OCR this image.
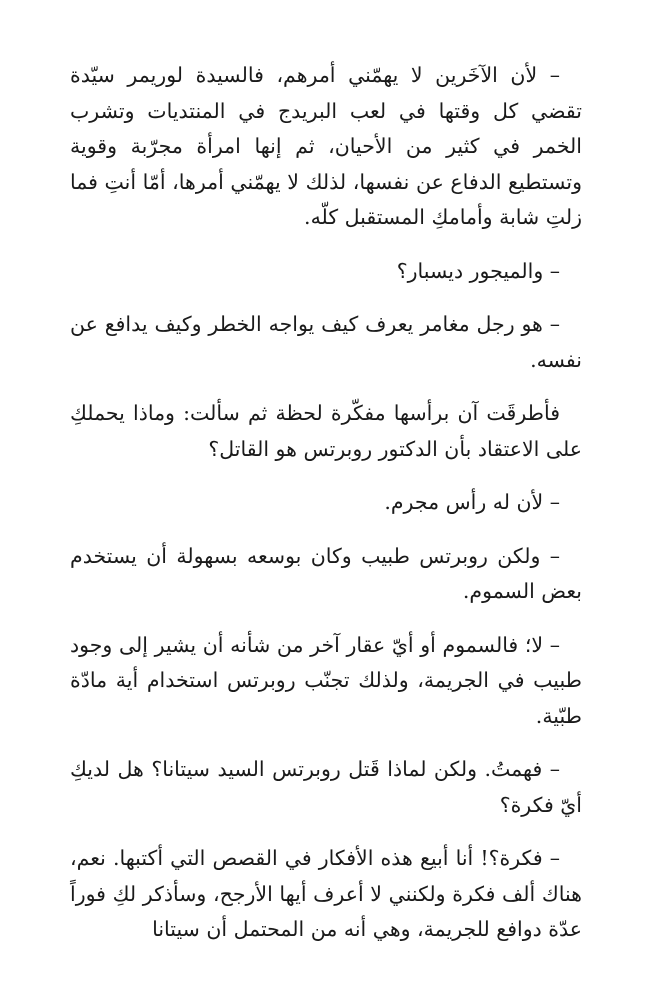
– لأن الآخَرين لا يهمّني أمرهم، فالسيدة لوريمر سيّدة تقضي كل وقتها في لعب البريدج في المنتديات وتشرب الخمر في كثير من الأحيان، ثم إنها امرأة مجرّبة وقوية وتستطيع الدفاع عن نفسها، لذلك لا يهمّني أمرها، أمّا أنتِ فما زلتِ شابة وأمامكِ المستقبل كلّه.

– والميجور ديسبار؟

– هو رجل مغامر يعرف كيف يواجه الخطر وكيف يدافع عن نفسه.

فأطرقَت آن برأسها مفكّرة لحظة ثم سألت: وماذا يحملكِ على الاعتقاد بأن الدكتور روبرتس هو القاتل؟

– لأن له رأس مجرم.

– ولكن روبرتس طبيب وكان بوسعه بسهولة أن يستخدم بعض السموم.

– لا؛ فالسموم أو أيّ عقار آخر من شأنه أن يشير إلى وجود طبيب في الجريمة، ولذلك تجنّب روبرتس استخدام أية مادّة طبّية.

– فهمتُ. ولكن لماذا قَتل روبرتس السيد سيتانا؟ هل لديكِ أيّ فكرة؟

– فكرة؟! أنا أبيع هذه الأفكار في القصص التي أكتبها. نعم، هناك ألف فكرة ولكنني لا أعرف أيها الأرجح، وسأذكر لكِ فوراً عدّة دوافع للجريمة، وهي أنه من المحتمل أن سيتانا
